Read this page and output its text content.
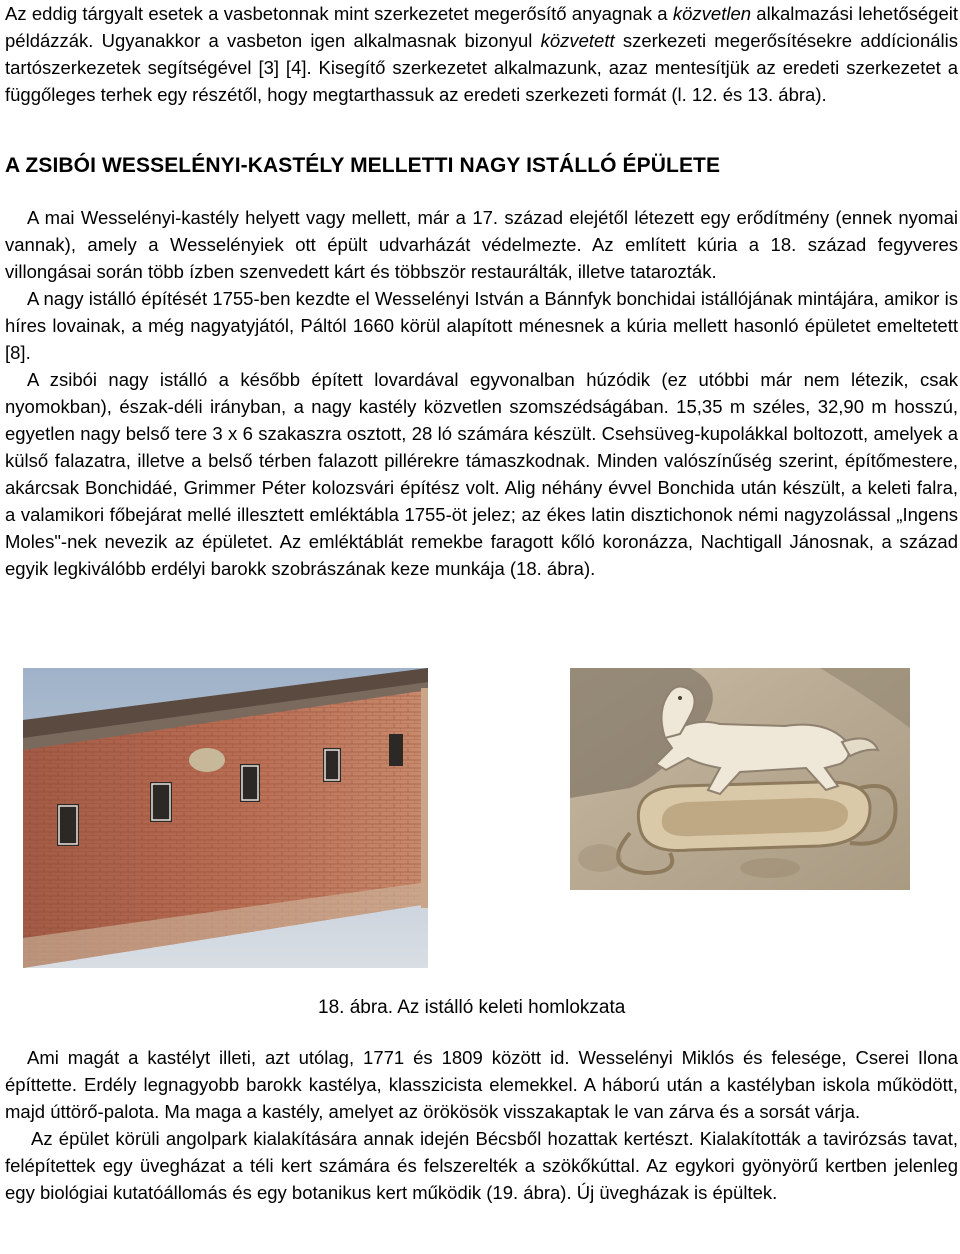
Az eddig tárgyalt esetek a vasbetonnak mint szerkezetet megerősítő anyagnak a közvetlen alkalmazási lehetőségeit példázzák. Ugyanakkor a vasbeton igen alkalmasnak bizonyul közvetett szerkezeti megerősítésekre addícionális tartószerkezetek segítségével [3] [4]. Kisegítő szerkezetet alkalmazunk, azaz mentesítjük az eredeti szerkezetet a függőleges terhek egy részétől, hogy megtarthassuk az eredeti szerkezeti formát (l. 12. és 13. ábra).

A ZSIBÓI WESSELÉNYI-KASTÉLY MELLETTI NAGY ISTÁLLÓ ÉPÜLETE

A mai Wesselényi-kastély helyett vagy mellett, már a 17. század elejétől létezett egy erődítmény (ennek nyomai vannak), amely a Wesselényiek ott épült udvarházát védelmezte. Az említett kúria a 18. század fegyveres villongásai során több ízben szenvedett kárt és többször restaurálták, illetve tatarozták.

A nagy istálló építését 1755-ben kezdte el Wesselényi István a Bánnfyk bonchidai istállójának mintájára, amikor is híres lovainak, a még nagyatyjától, Páltól 1660 körül alapított ménesnek a kúria mellett hasonló épületet emeltetett [8].

A zsibói nagy istálló a később épített lovardával egyvonalban húzódik (ez utóbbi már nem létezik, csak nyomokban), észak-déli irányban, a nagy kastély közvetlen szomszédságában. 15,35 m széles, 32,90 m hosszú, egyetlen nagy belső tere 3 x 6 szakaszra osztott, 28 ló számára készült. Csehsüveg-kupolákkal boltozott, amelyek a külső falazatra, illetve a belső térben falazott pillérekre támaszkodnak. Minden valószínűség szerint, építőmestere, akárcsak Bonchidáé, Grimmer Péter kolozsvári építész volt. Alig néhány évvel Bonchida után készült, a keleti falra, a valamikori főbejárat mellé illesztett emléktábla 1755-öt jelez; az ékes latin disztichonok némi nagyzolással „Ingens Moles"-nek nevezik az épületet. Az emléktáblát remekbe faragott kőló koronázza, Nachtigall Jánosnak, a század egyik legkiválóbb erdélyi barokk szobrászának keze munkája (18. ábra).

18. ábra. Az istálló keleti homlokzata

Ami magát a kastélyt illeti, azt utólag, 1771 és 1809 között id. Wesselényi Miklós és felesége, Cserei Ilona építtette. Erdély legnagyobb barokk kastélya, klasszicista elemekkel. A háború után a kastélyban iskola működött, majd úttörő-palota. Ma maga a kastély, amelyet az örökösök visszakaptak le van zárva és a sorsát várja.

Az épület körüli angolpark kialakítására annak idején Bécsből hozattak kertészt. Kialakították a tavirózsás tavat, felépítettek egy üvegházat a téli kert számára és felszerelték a szökőkúttal. Az egykori gyönyörű kertben jelenleg egy biológiai kutatóállomás és egy botanikus kert működik (19. ábra). Új üvegházak is épültek.
